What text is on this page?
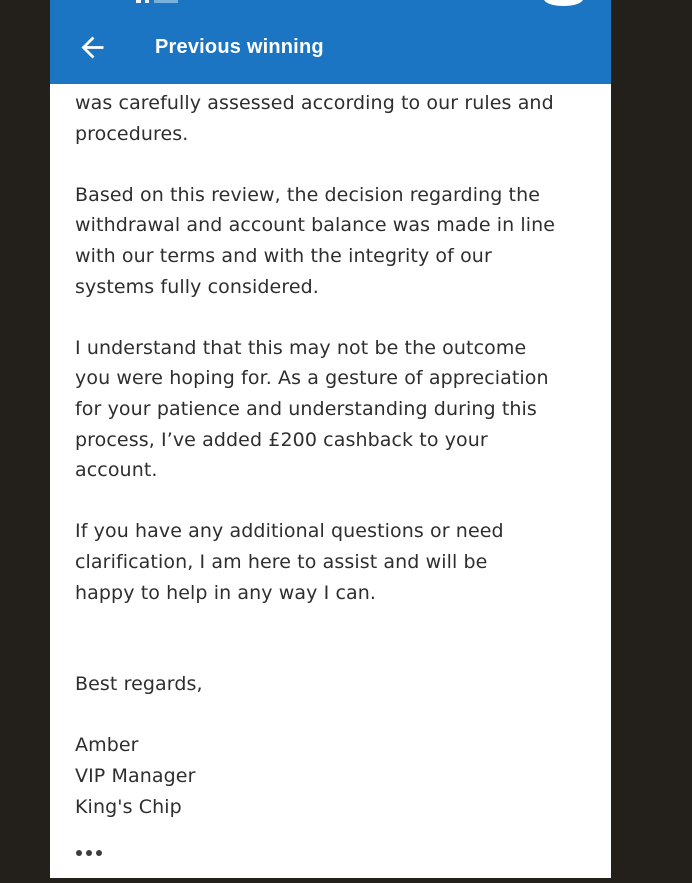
Previous winning

was carefully assessed according to our rules and
procedures.

Based on this review, the decision regarding the
withdrawal and account balance was made in line
with our terms and with the integrity of our
systems fully considered.

I understand that this may not be the outcome
you were hoping for. As a gesture of appreciation
for your patience and understanding during this
process, I’ve added £200 cashback to your
account.

If you have any additional questions or need
clarification, I am here to assist and will be
happy to help in any way I can.

Best regards,

Amber
VIP Manager
King's Chip
